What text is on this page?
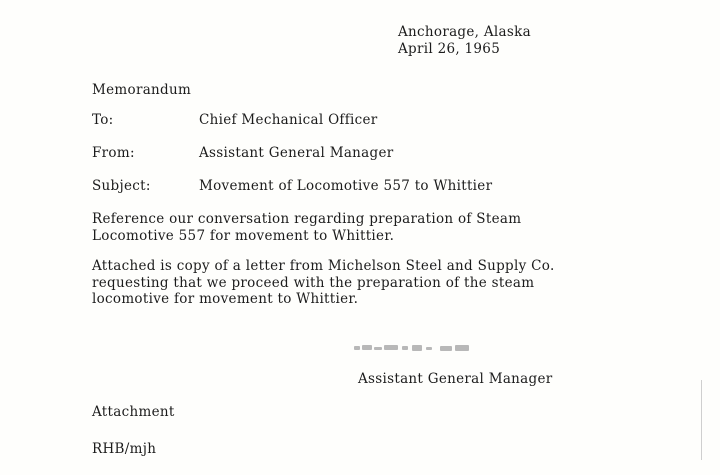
Anchorage, Alaska
April 26, 1965
Memorandum
To:	Chief Mechanical Officer
From:	Assistant General Manager
Subject:	Movement of Locomotive 557 to Whittier
Reference our conversation regarding preparation of Steam
Locomotive 557 for movement to Whittier.
Attached is copy of a letter from Michelson Steel and Supply Co.
requesting that we proceed with the preparation of the steam
locomotive for movement to Whittier.
Assistant General Manager
Attachment
RHB/mjh
